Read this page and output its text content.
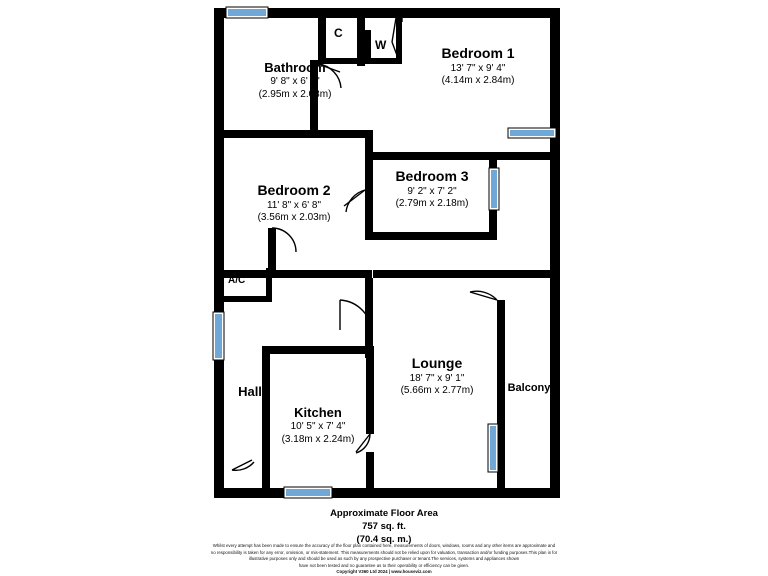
Bathroom
9' 8" x 6' 8"
(2.95m x 2.03m)
Bedroom 1
13' 7" x 9' 4"
(4.14m x 2.84m)
Bedroom 2
11' 8" x 6' 8"
(3.56m x 2.03m)
Bedroom 3
9' 2" x 7' 2"
(2.79m x 2.18m)
Lounge
18' 7" x 9' 1"
(5.66m x 2.77m)
Kitchen
10' 5" x 7' 4"
(3.18m x 2.24m)
Hall	Balcony
C
W
A/C
Approximate Floor Area
757 sq. ft.
(70.4 sq. m.)
Whilst every attempt has been made to ensure the accuracy of the floor plan contained here, measurements of doors, windows, rooms and any other items are approximate and
no responsibility is taken for any error, omission, or mis-statement. This measurements should not be relied upon for valuation, transaction and/or funding purposes.This plan is for
illustrative purposes only and should be used as such by any prospective purchaser or tenant.The services, systems and appliances shown
have not been tested and no guarantee as to their operability or efficiency can be given.
Copyright V360 Ltd 2024 | www.houseviz.com
